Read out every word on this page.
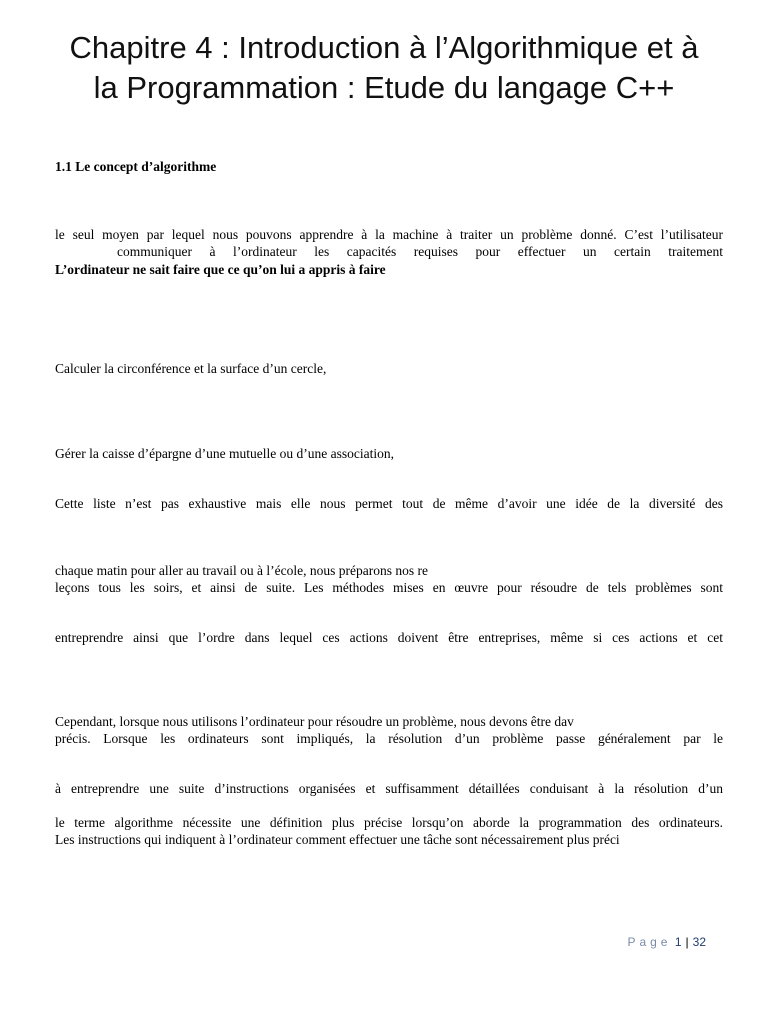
Chapitre 4 : Introduction à l’Algorithmique et à
la Programmation : Etude du langage C++
1.1 Le concept d’algorithme
le seul moyen par lequel nous pouvons apprendre à la machine à traiter un problème donné. C’est l’utilisateur
communiquer à l’ordinateur les capacités requises pour effectuer un certain traitement
L’ordinateur ne sait faire que ce qu’on lui a appris à faire
Calculer la circonférence et la surface d’un cercle,
Gérer la caisse d’épargne d’une mutuelle ou d’une association,
Cette liste n’est pas exhaustive mais elle nous permet tout de même d’avoir une idée de la diversité des
chaque matin pour aller au travail ou à l’école, nous préparons nos re
leçons tous les soirs, et ainsi de suite. Les méthodes mises en œuvre pour résoudre de tels problèmes sont
entreprendre ainsi que l’ordre dans lequel ces actions doivent être entreprises, même si ces actions et cet
Cependant, lorsque nous utilisons l’ordinateur pour résoudre un problème, nous devons être dav
précis. Lorsque les ordinateurs sont impliqués, la résolution d’un problème passe généralement par le
à entreprendre une suite d’instructions organisées et suffisamment détaillées conduisant à la résolution d’un
le terme algorithme nécessite une définition plus précise lorsqu’on aborde la programmation des ordinateurs.
Les instructions qui indiquent à l’ordinateur comment effectuer une tâche sont nécessairement plus préci
Page 1 | 32
